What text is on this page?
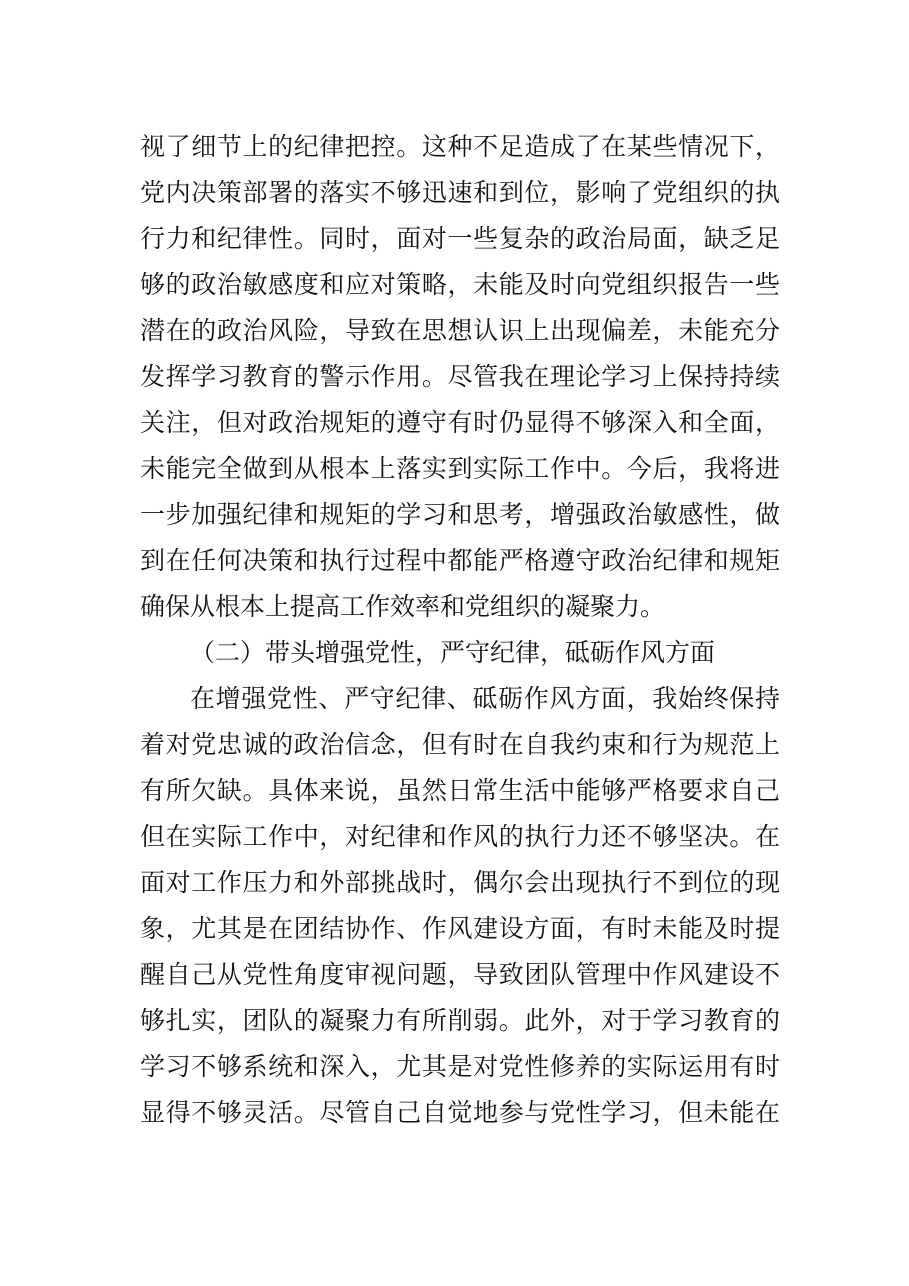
视了细节上的纪律把控。这种不足造成了在某些情况下，
党内决策部署的落实不够迅速和到位，影响了党组织的执
行力和纪律性。同时，面对一些复杂的政治局面，缺乏足
够的政治敏感度和应对策略，未能及时向党组织报告一些
潜在的政治风险，导致在思想认识上出现偏差，未能充分
发挥学习教育的警示作用。尽管我在理论学习上保持持续
关注，但对政治规矩的遵守有时仍显得不够深入和全面，
未能完全做到从根本上落实到实际工作中。今后，我将进
一步加强纪律和规矩的学习和思考，增强政治敏感性，做
到在任何决策和执行过程中都能严格遵守政治纪律和规矩
确保从根本上提高工作效率和党组织的凝聚力。
（二）带头增强党性，严守纪律，砥砺作风方面
在增强党性、严守纪律、砥砺作风方面，我始终保持
着对党忠诚的政治信念，但有时在自我约束和行为规范上
有所欠缺。具体来说，虽然日常生活中能够严格要求自己
但在实际工作中，对纪律和作风的执行力还不够坚决。在
面对工作压力和外部挑战时，偶尔会出现执行不到位的现
象，尤其是在团结协作、作风建设方面，有时未能及时提
醒自己从党性角度审视问题，导致团队管理中作风建设不
够扎实，团队的凝聚力有所削弱。此外，对于学习教育的
学习不够系统和深入，尤其是对党性修养的实际运用有时
显得不够灵活。尽管自己自觉地参与党性学习，但未能在
